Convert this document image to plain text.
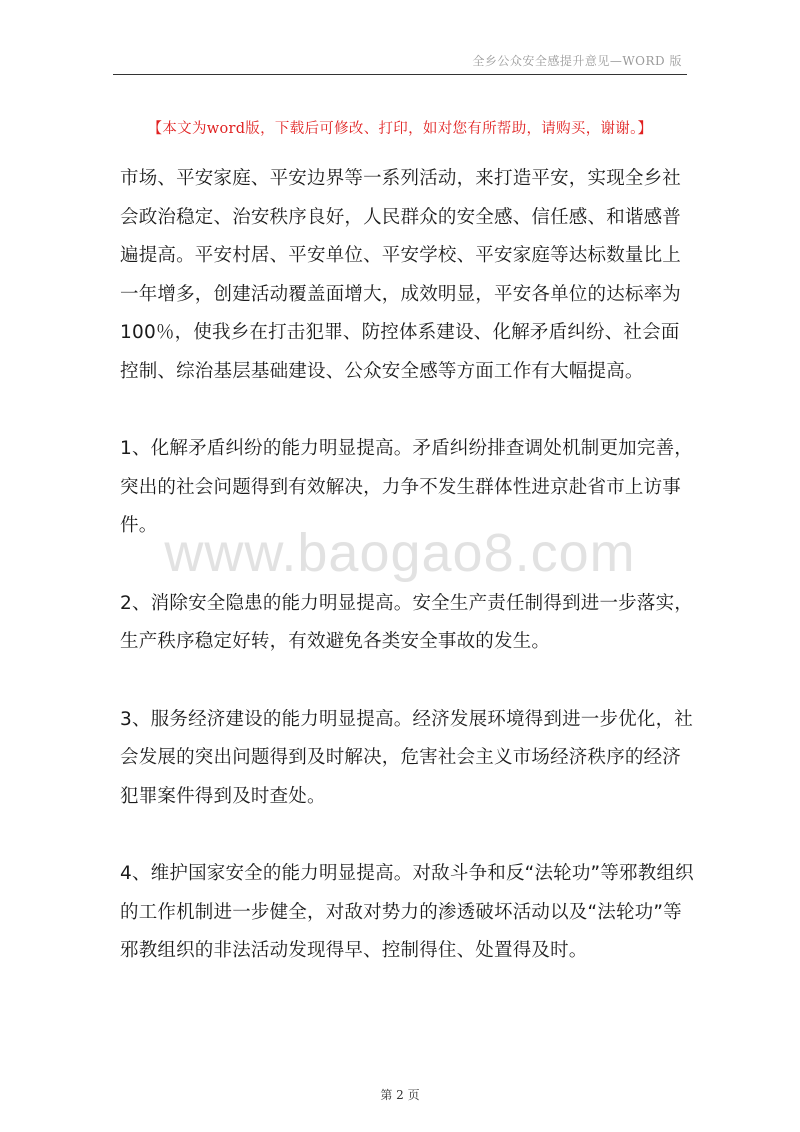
全乡公众安全感提升意见—WORD 版
【本文为word版，下载后可修改、打印，如对您有所帮助，请购买，谢谢。】

市场、平安家庭、平安边界等一系列活动，来打造平安，实现全乡社会政治稳定、治安秩序良好，人民群众的安全感、信任感、和谐感普遍提高。平安村居、平安单位、平安学校、平安家庭等达标数量比上一年增多，创建活动覆盖面增大，成效明显，平安各单位的达标率为100％，使我乡在打击犯罪、防控体系建设、化解矛盾纠纷、社会面控制、综治基层基础建设、公众安全感等方面工作有大幅提高。

1、化解矛盾纠纷的能力明显提高。矛盾纠纷排查调处机制更加完善，突出的社会问题得到有效解决，力争不发生群体性进京赴省市上访事件。

2、消除安全隐患的能力明显提高。安全生产责任制得到进一步落实，生产秩序稳定好转，有效避免各类安全事故的发生。

3、服务经济建设的能力明显提高。经济发展环境得到进一步优化，社会发展的突出问题得到及时解决，危害社会主义市场经济秩序的经济犯罪案件得到及时查处。

4、维护国家安全的能力明显提高。对敌斗争和反“法轮功”等邪教组织的工作机制进一步健全，对敌对势力的渗透破坏活动以及“法轮功”等邪教组织的非法活动发现得早、控制得住、处置得及时。

www.baogao8.com
第 2 页
